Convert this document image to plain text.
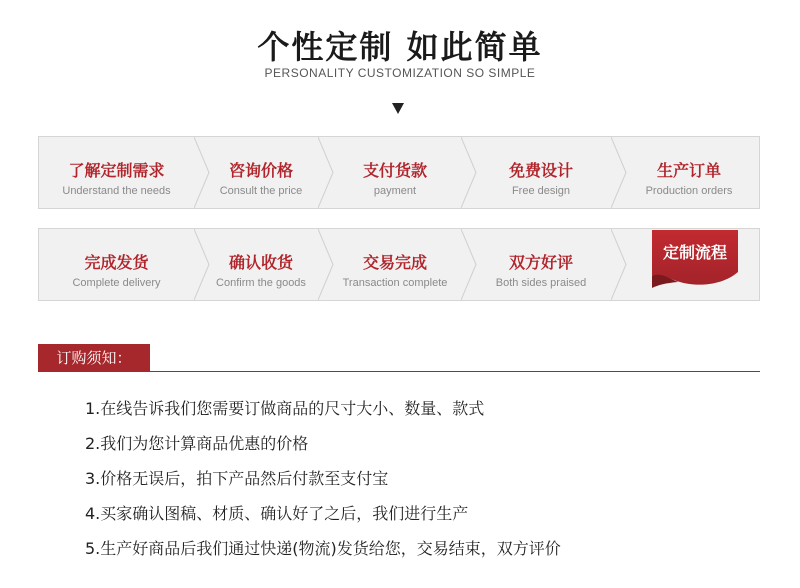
个性定制 如此简单
PERSONALITY CUSTOMIZATION SO SIMPLE
了解定制需求
Understand the needs
咨询价格
Consult the price
支付货款
payment
免费设计
Free design
生产订单
Production orders
完成发货
Complete delivery
确认收货
Confirm the goods
交易完成
Transaction complete
双方好评
Both sides praised
定制流程
订购须知：
1.在线告诉我们您需要订做商品的尺寸大小、数量、款式
2.我们为您计算商品优惠的价格
3.价格无误后，拍下产品然后付款至支付宝
4.买家确认图稿、材质、确认好了之后，我们进行生产
5.生产好商品后我们通过快递(物流)发货给您，交易结束，双方评价
